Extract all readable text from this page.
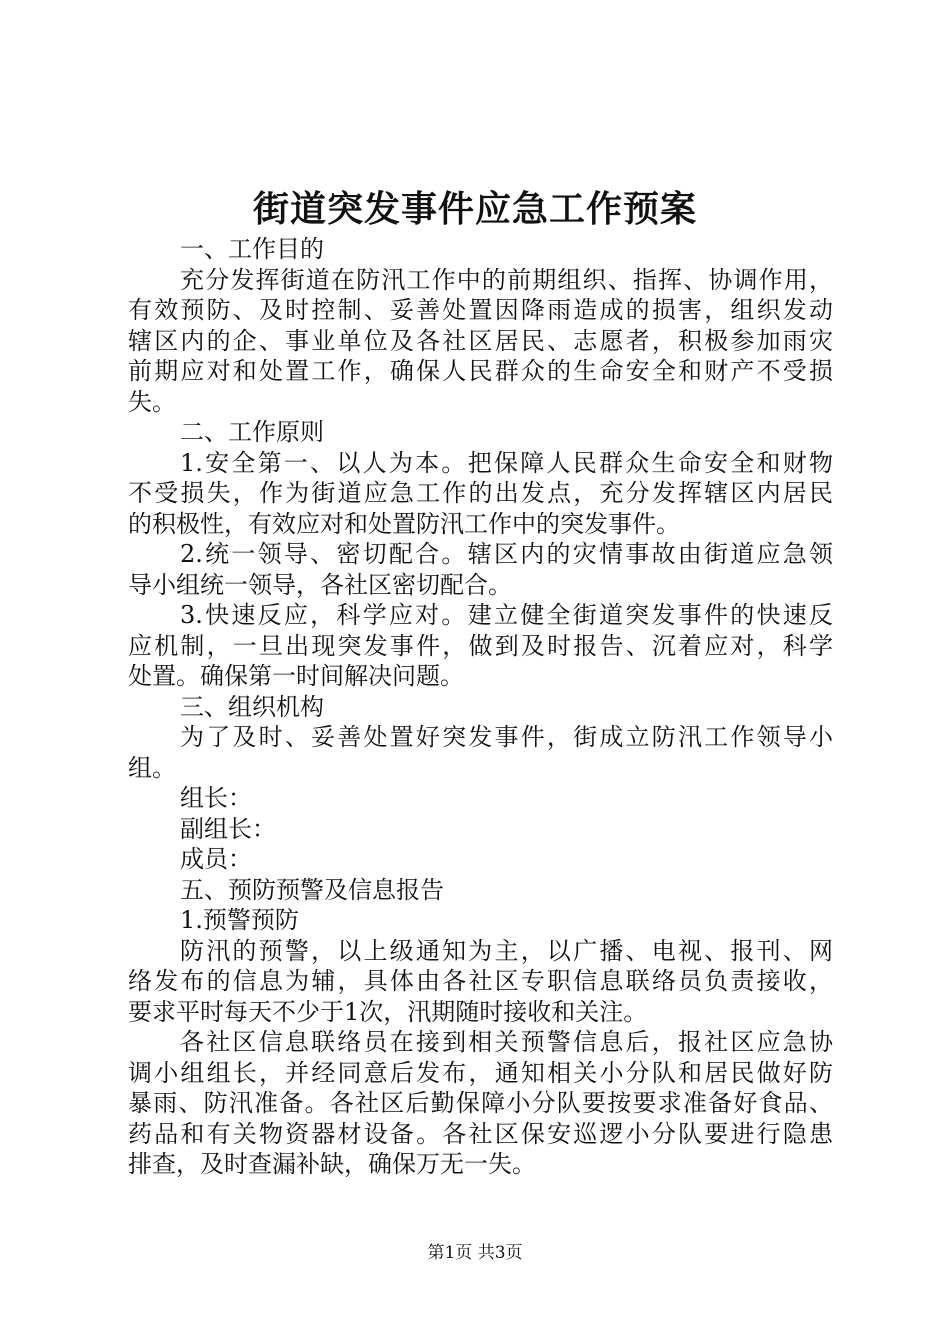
街道突发事件应急工作预案
一、工作目的
充分发挥街道在防汛工作中的前期组织、指挥、协调作用，
有效预防、及时控制、妥善处置因降雨造成的损害，组织发动
辖区内的企、事业单位及各社区居民、志愿者，积极参加雨灾
前期应对和处置工作，确保人民群众的生命安全和财产不受损
失。
二、工作原则
1.安全第一、以人为本。把保障人民群众生命安全和财物
不受损失，作为街道应急工作的出发点，充分发挥辖区内居民
的积极性，有效应对和处置防汛工作中的突发事件。
2.统一领导、密切配合。辖区内的灾情事故由街道应急领
导小组统一领导，各社区密切配合。
3.快速反应，科学应对。建立健全街道突发事件的快速反
应机制，一旦出现突发事件，做到及时报告、沉着应对，科学
处置。确保第一时间解决问题。
三、组织机构
为了及时、妥善处置好突发事件，街成立防汛工作领导小
组。
组长：
副组长：
成员：
五、预防预警及信息报告
1.预警预防
防汛的预警，以上级通知为主，以广播、电视、报刊、网
络发布的信息为辅，具体由各社区专职信息联络员负责接收，
要求平时每天不少于1次，汛期随时接收和关注。
各社区信息联络员在接到相关预警信息后，报社区应急协
调小组组长，并经同意后发布，通知相关小分队和居民做好防
暴雨、防汛准备。各社区后勤保障小分队要按要求准备好食品、
药品和有关物资器材设备。各社区保安巡逻小分队要进行隐患
排查，及时查漏补缺，确保万无一失。
第1页 共3页
